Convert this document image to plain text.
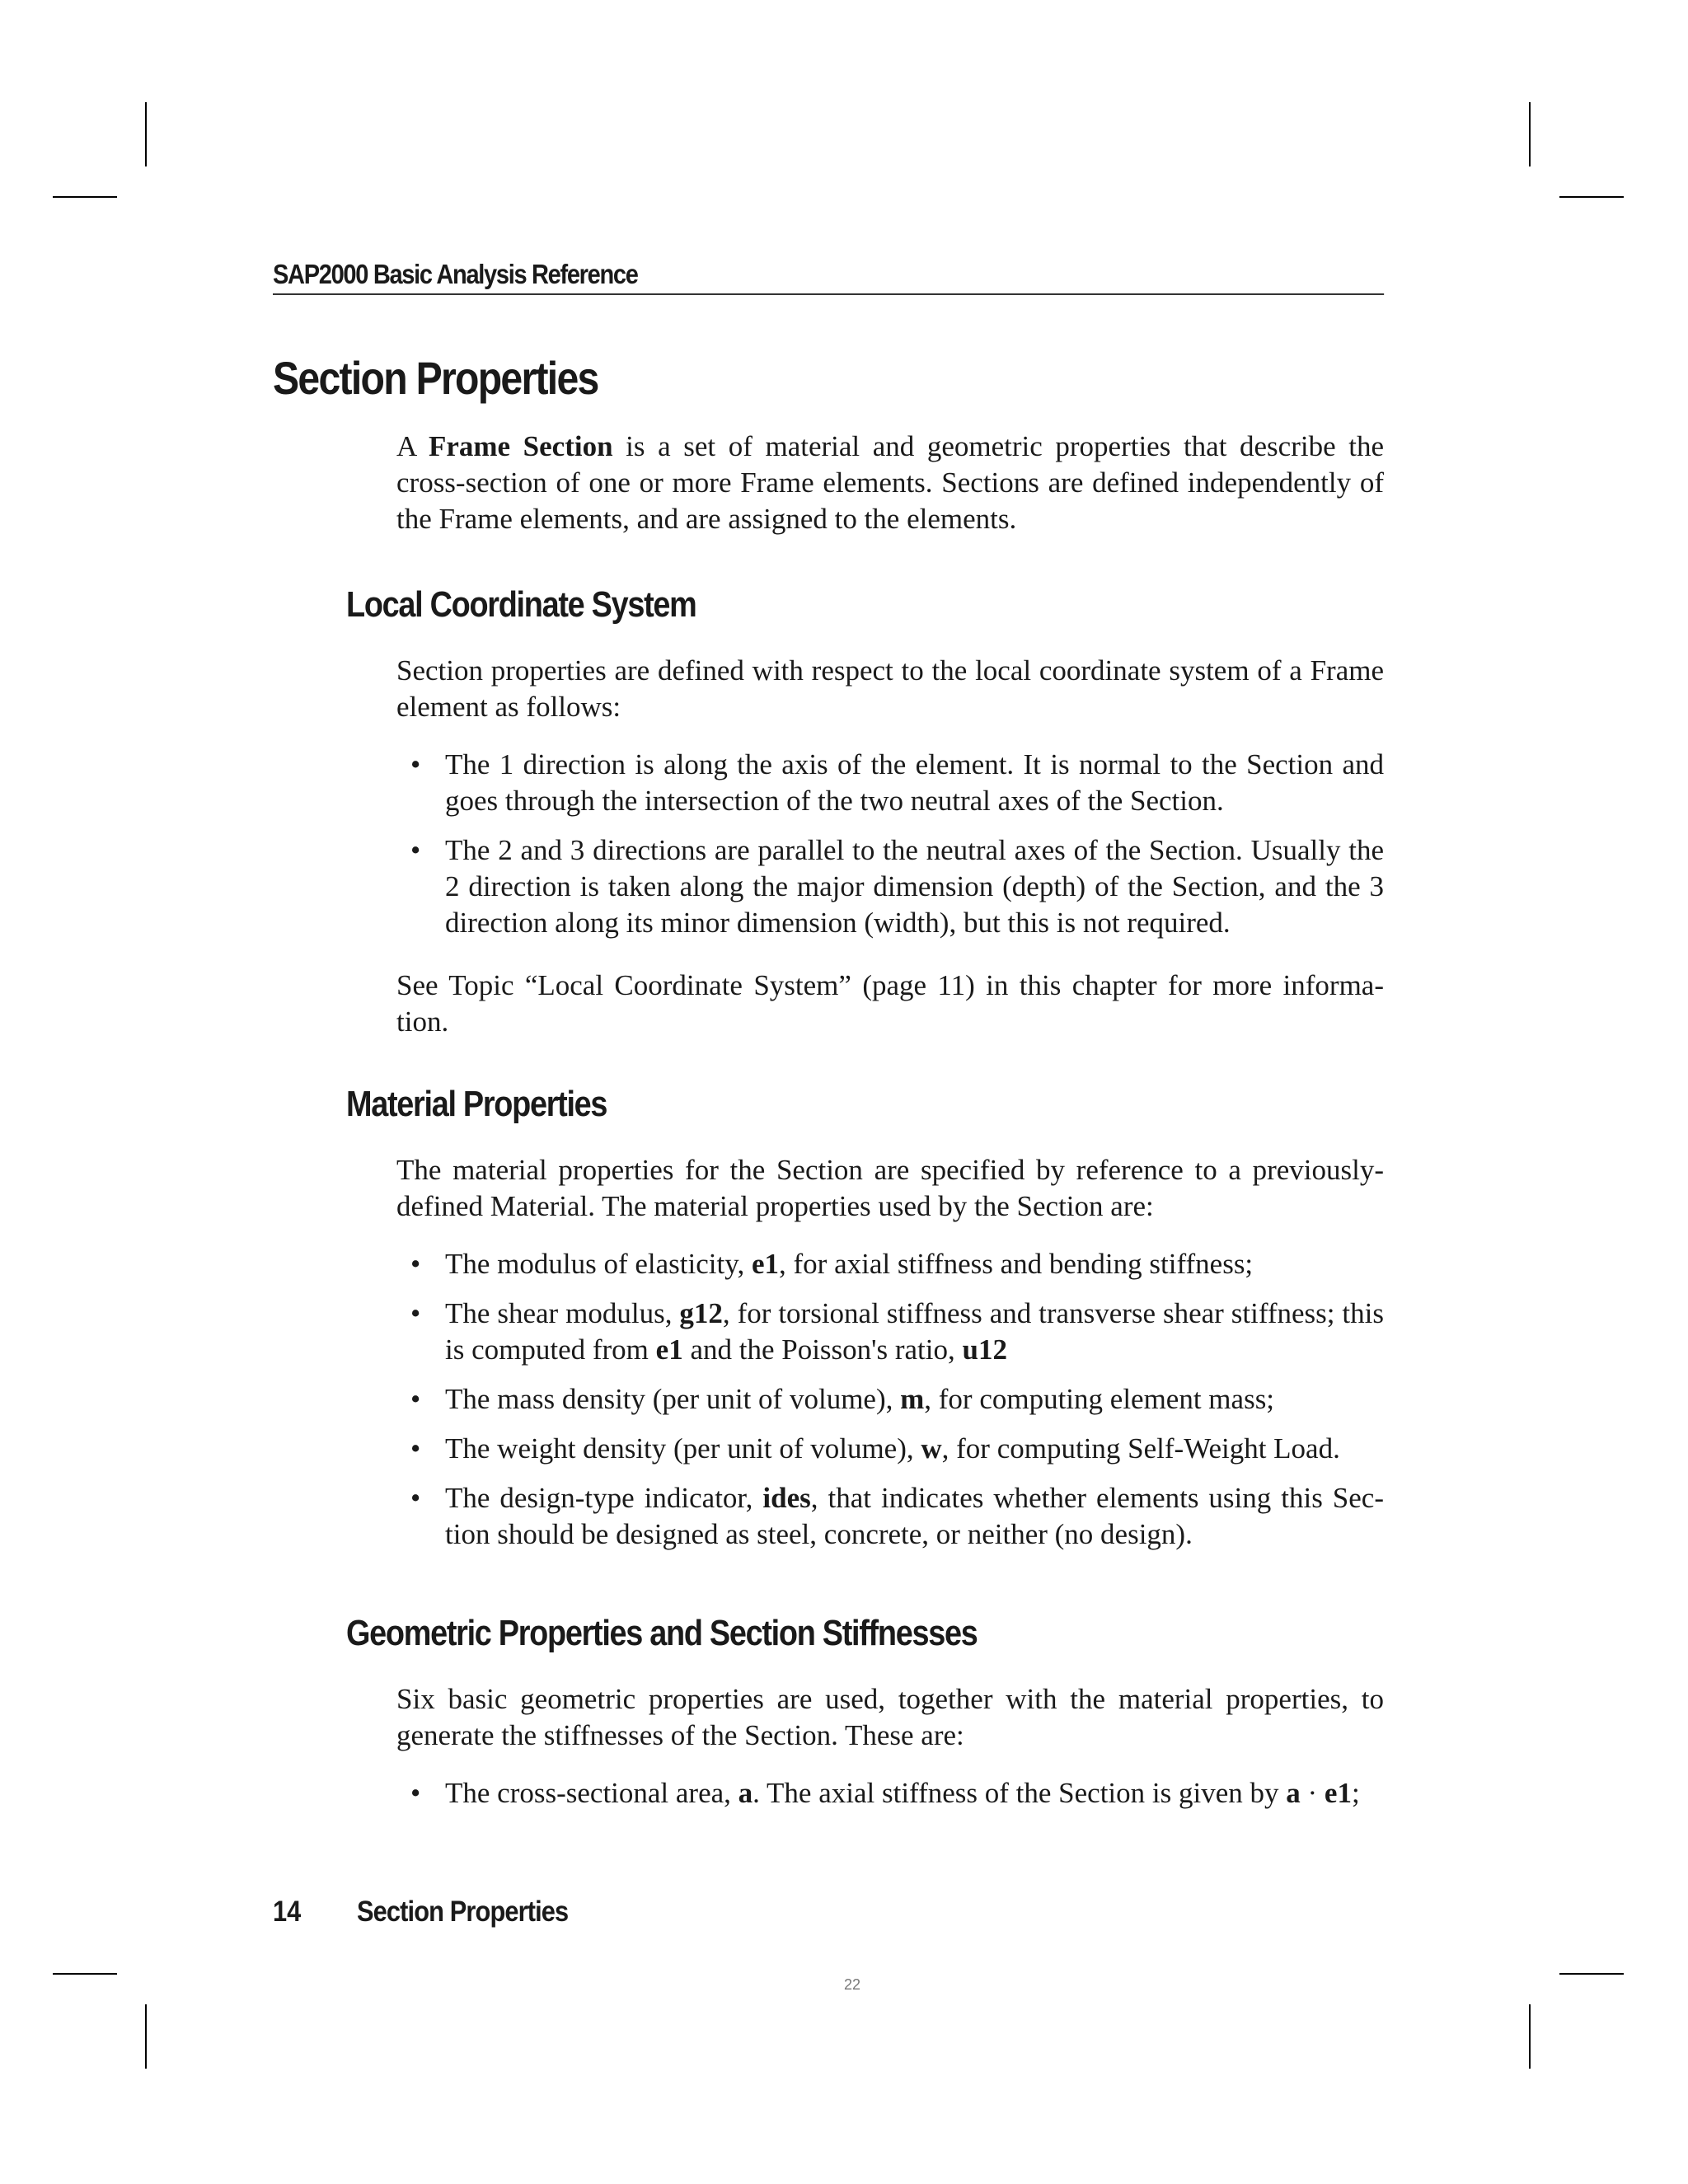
SAP2000 Basic Analysis Reference
Section Properties

A Frame Section is a set of material and geometric properties that describe the cross-section of one or more Frame elements. Sections are defined independently of the Frame elements, and are assigned to the elements.

Local Coordinate System

Section properties are defined with respect to the local coordinate system of a Frame element as follows:

• The 1 direction is along the axis of the element. It is normal to the Section and goes through the intersection of the two neutral axes of the Section.
• The 2 and 3 directions are parallel to the neutral axes of the Section. Usually the 2 direction is taken along the major dimension (depth) of the Section, and the 3 direction along its minor dimension (width), but this is not required.

See Topic “Local Coordinate System” (page 11) in this chapter for more informa-tion.

Material Properties

The material properties for the Section are specified by reference to a previously-defined Material. The material properties used by the Section are:

• The modulus of elasticity, e1, for axial stiffness and bending stiffness;
• The shear modulus, g12, for torsional stiffness and transverse shear stiffness; this is computed from e1 and the Poisson's ratio, u12
• The mass density (per unit of volume), m, for computing element mass;
• The weight density (per unit of volume), w, for computing Self-Weight Load.
• The design-type indicator, ides, that indicates whether elements using this Sec-tion should be designed as steel, concrete, or neither (no design).
Geometric Properties and Section Stiffnesses

Six basic geometric properties are used, together with the material properties, to generate the stiffnesses of the Section. These are:

• The cross-sectional area, a. The axial stiffness of the Section is given by a · e1;
14 Section Properties
22
